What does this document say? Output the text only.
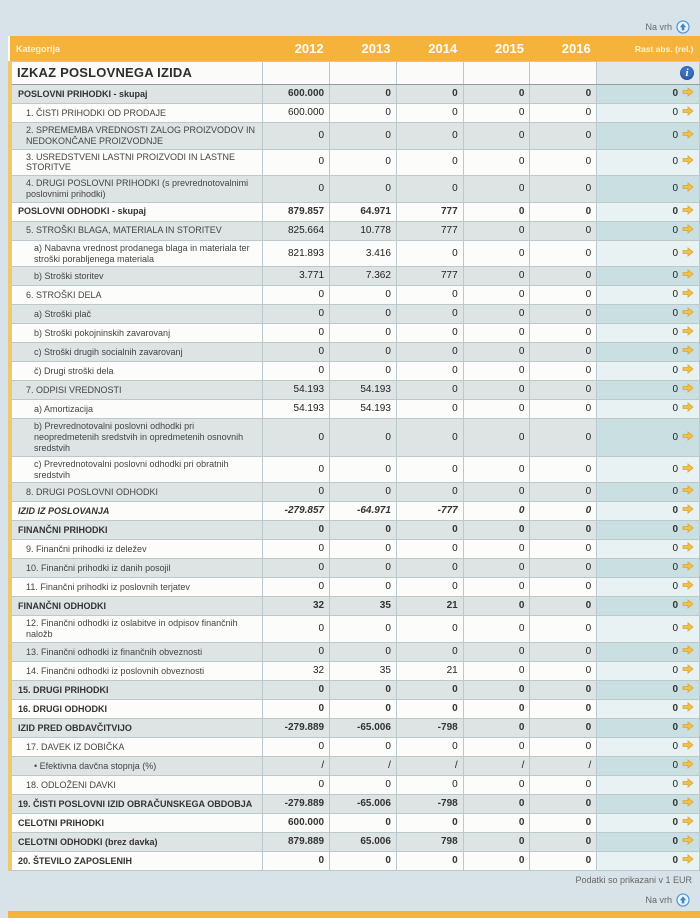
Na vrh
Kategorija	2012	2013	2014	2015	2016	Rast abs. (rel.)
IZKAZ POSLOVNEGA IZIDA						i
POSLOVNI PRIHODKI - skupaj	600.000	0	0	0	0	0
1. ČISTI PRIHODKI OD PRODAJE	600.000	0	0	0	0	0
2. SPREMEMBA VREDNOSTI ZALOG PROIZVODOV IN NEDOKONČANE PROIZVODNJE	0	0	0	0	0	0
3. USREDSTVENI LASTNI PROIZVODI IN LASTNE STORITVE	0	0	0	0	0	0
4. DRUGI POSLOVNI PRIHODKI (s prevrednotovalnimi poslovnimi prihodki)	0	0	0	0	0	0
POSLOVNI ODHODKI - skupaj	879.857	64.971	777	0	0	0
5. STROŠKI BLAGA, MATERIALA IN STORITEV	825.664	10.778	777	0	0	0
a) Nabavna vrednost prodanega blaga in materiala ter stroški porabljenega materiala	821.893	3.416	0	0	0	0
b) Stroški storitev	3.771	7.362	777	0	0	0
6. STROŠKI DELA	0	0	0	0	0	0
a) Stroški plač	0	0	0	0	0	0
b) Stroški pokojninskih zavarovanj	0	0	0	0	0	0
c) Stroški drugih socialnih zavarovanj	0	0	0	0	0	0
č) Drugi stroški dela	0	0	0	0	0	0
7. ODPISI VREDNOSTI	54.193	54.193	0	0	0	0
a) Amortizacija	54.193	54.193	0	0	0	0
b) Prevrednotovalni poslovni odhodki pri neopredmetenih sredstvih in opredmetenih osnovnih sredstvih	0	0	0	0	0	0
c) Prevrednotovalni poslovni odhodki pri obratnih sredstvih	0	0	0	0	0	0
8. DRUGI POSLOVNI ODHODKI	0	0	0	0	0	0
IZID IZ POSLOVANJA	-279.857	-64.971	-777	0	0	0
FINANČNI PRIHODKI	0	0	0	0	0	0
9. Finančni prihodki iz deležev	0	0	0	0	0	0
10. Finančni prihodki iz danih posojil	0	0	0	0	0	0
11. Finančni prihodki iz poslovnih terjatev	0	0	0	0	0	0
FINANČNI ODHODKI	32	35	21	0	0	0
12. Finančni odhodki iz oslabitve in odpisov finančnih naložb	0	0	0	0	0	0
13. Finančni odhodki iz finančnih obveznosti	0	0	0	0	0	0
14. Finančni odhodki iz poslovnih obveznosti	32	35	21	0	0	0
15. DRUGI PRIHODKI	0	0	0	0	0	0
16. DRUGI ODHODKI	0	0	0	0	0	0
IZID PRED OBDAVČITVIJO	-279.889	-65.006	-798	0	0	0
17. DAVEK IZ DOBIČKA	0	0	0	0	0	0
• Efektivna davčna stopnja (%)	/	/	/	/	/	0
18. ODLOŽENI DAVKI	0	0	0	0	0	0
19. ČISTI POSLOVNI IZID OBRAČUNSKEGA OBDOBJA	-279.889	-65.006	-798	0	0	0
CELOTNI PRIHODKI	600.000	0	0	0	0	0
CELOTNI ODHODKI (brez davka)	879.889	65.006	798	0	0	0
20. ŠTEVILO ZAPOSLENIH	0	0	0	0	0	0
Podatki so prikazani v 1 EUR
Na vrh
